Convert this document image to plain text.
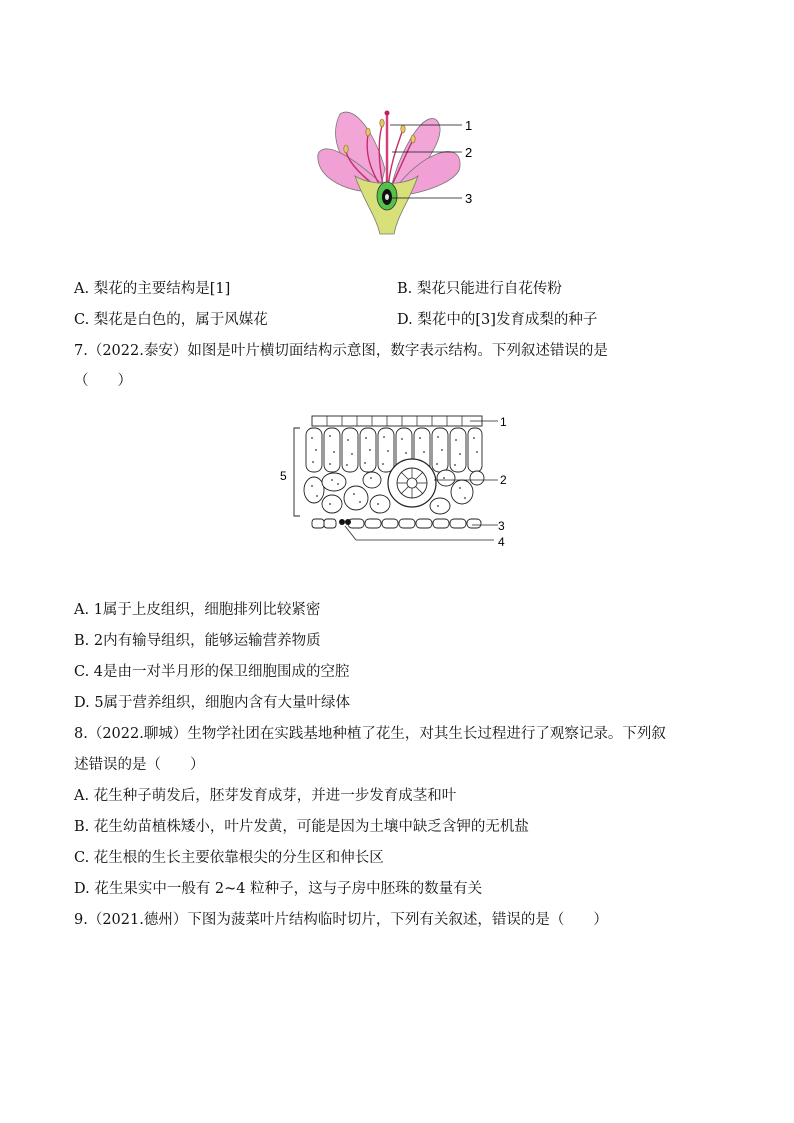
1
2
3
A. 梨花的主要结构是[1]	B. 梨花只能进行自花传粉
C. 梨花是白色的，属于风媒花	D. 梨花中的[3]发育成梨的种子
7.（2022.泰安）如图是叶片横切面结构示意图，数字表示结构。下列叙述错误的是
（　　）
1
2
3
4
5
A. 1属于上皮组织，细胞排列比较紧密
B. 2内有输导组织，能够运输营养物质
C. 4是由一对半月形的保卫细胞围成的空腔
D. 5属于营养组织，细胞内含有大量叶绿体
8.（2022.聊城）生物学社团在实践基地种植了花生，对其生长过程进行了观察记录。下列叙
述错误的是（　　）
A. 花生种子萌发后，胚芽发育成芽，并进一步发育成茎和叶
B. 花生幼苗植株矮小，叶片发黄，可能是因为土壤中缺乏含钾的无机盐
C. 花生根的生长主要依靠根尖的分生区和伸长区
D. 花生果实中一般有 2~4 粒种子，这与子房中胚珠的数量有关
9.（2021.德州）下图为菠菜叶片结构临时切片，下列有关叙述，错误的是（　　）
